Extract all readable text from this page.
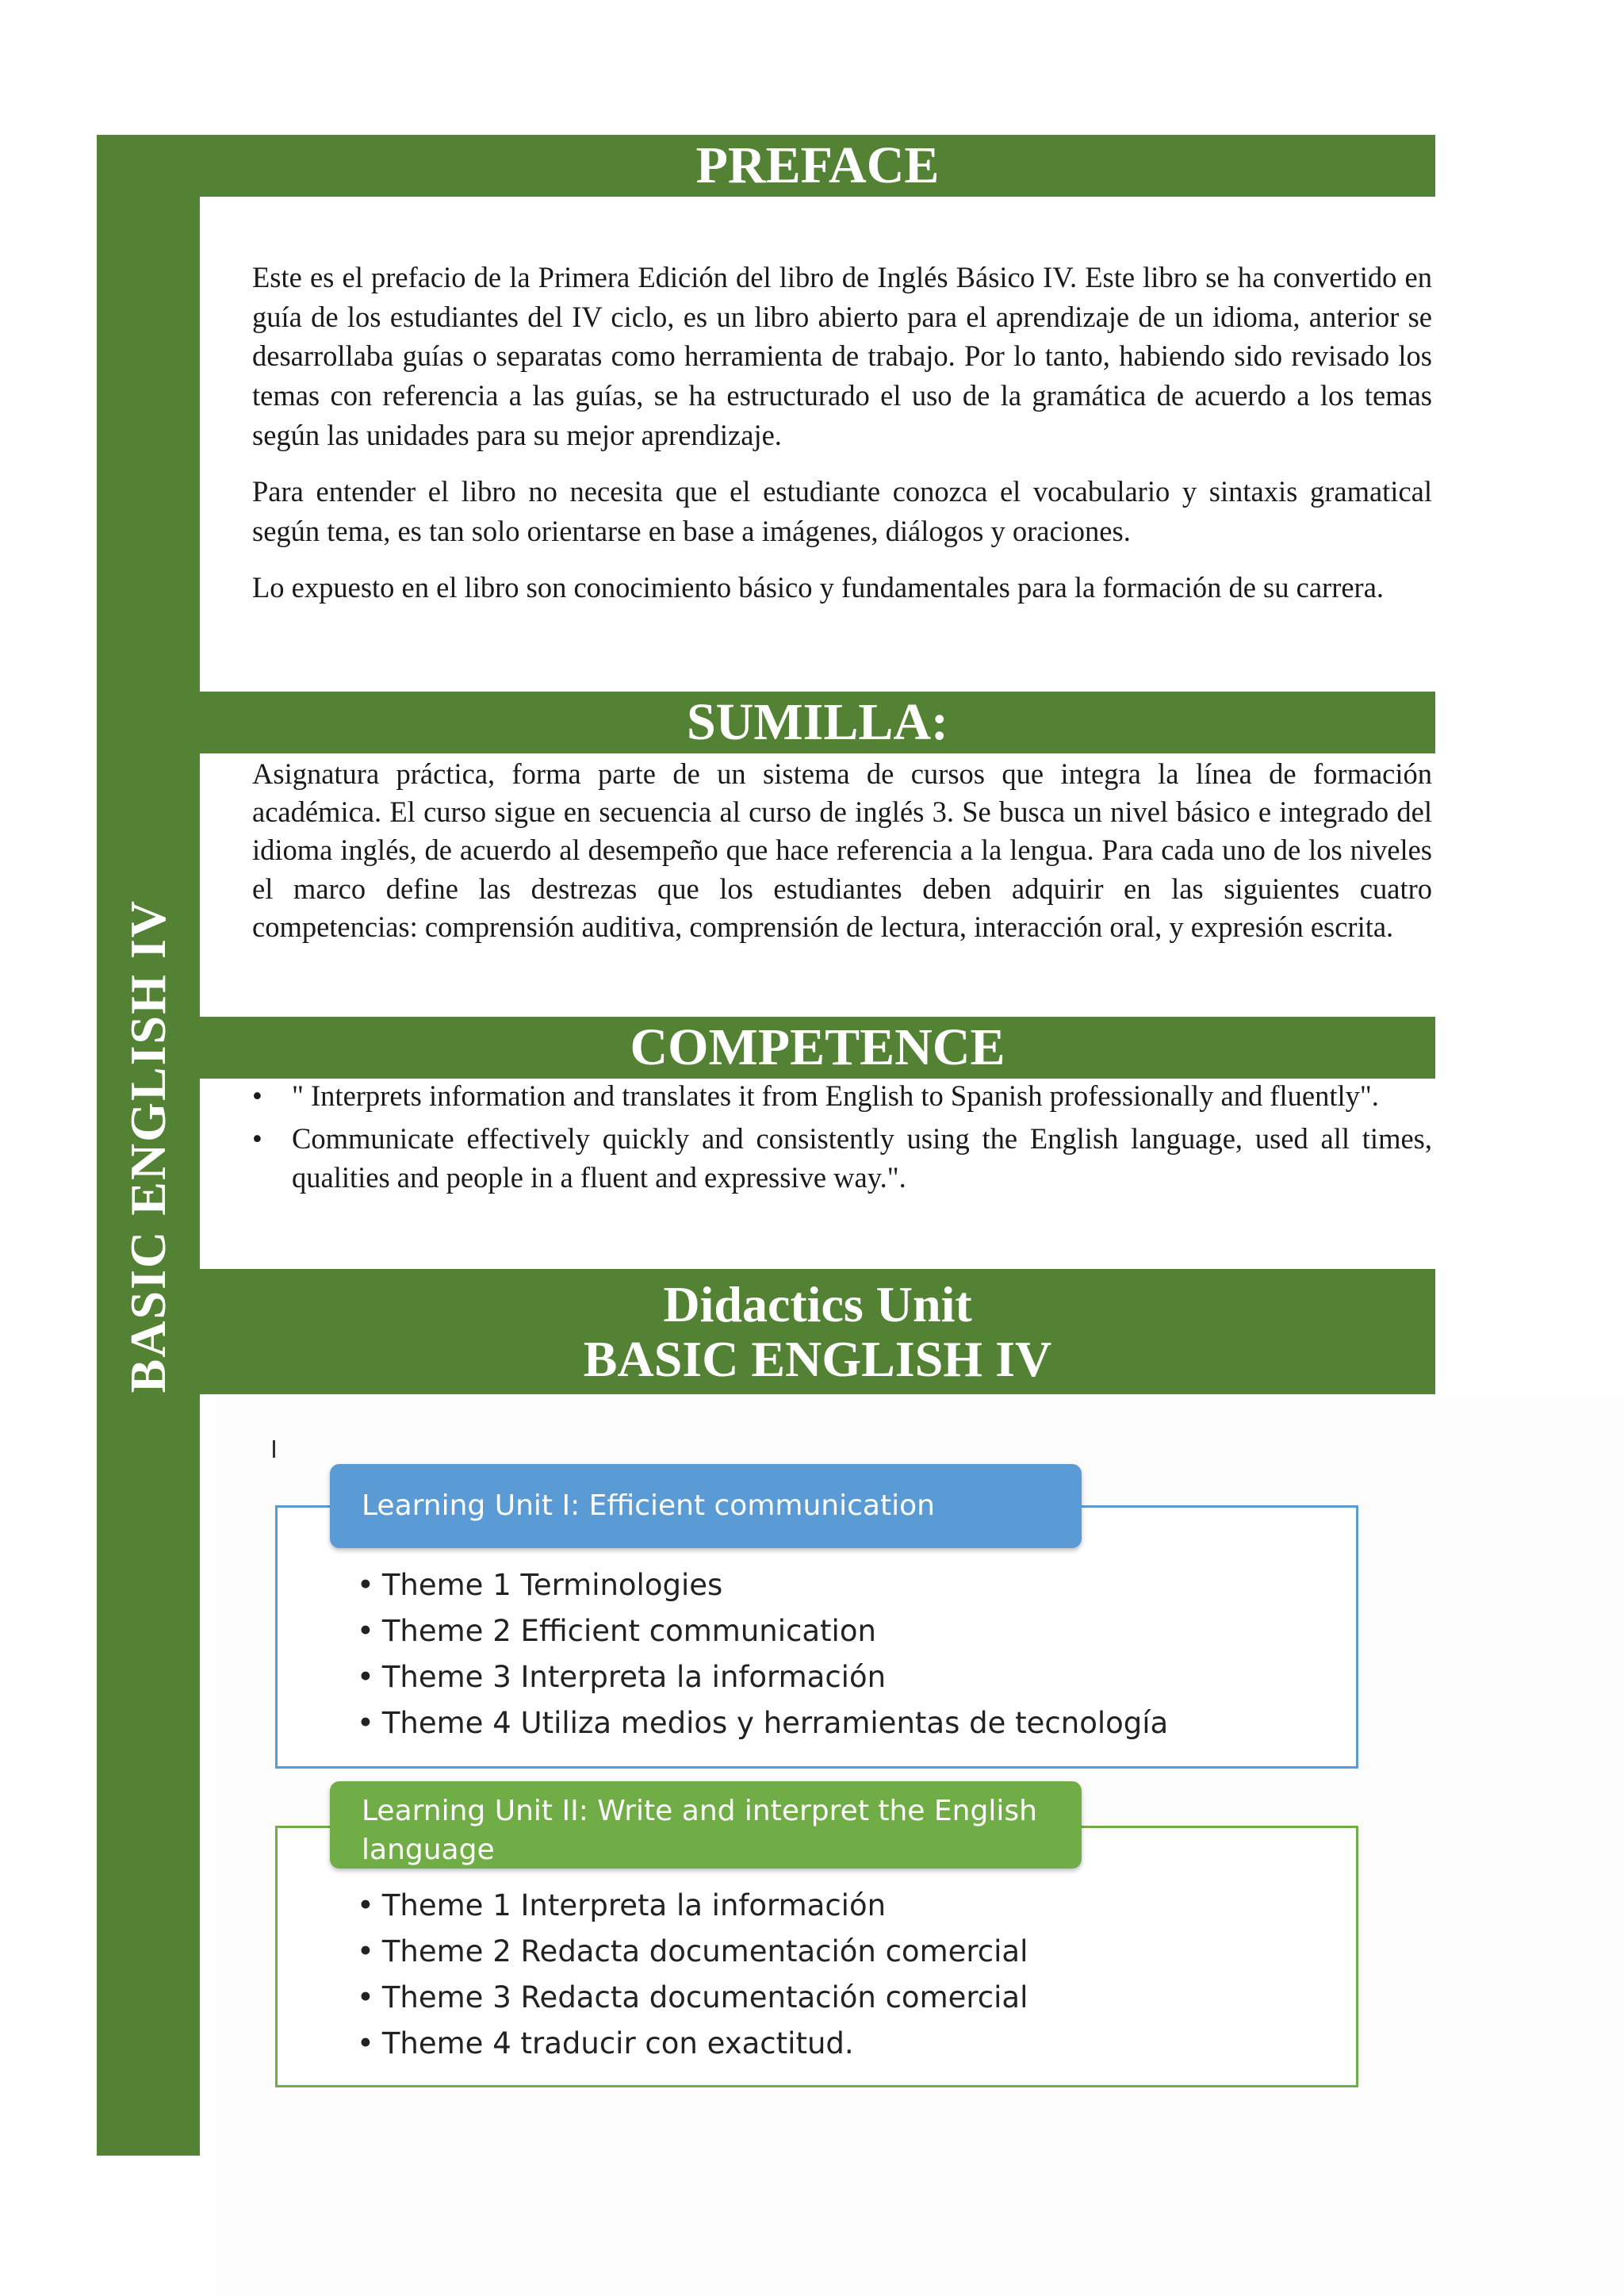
BASIC ENGLISH IV
PREFACE

Este es el prefacio de la Primera Edición del libro de Inglés Básico IV. Este libro se ha convertido en guía de los estudiantes del IV ciclo, es un libro abierto para el aprendizaje de un idioma, anterior se desarrollaba guías o separatas como herramienta de trabajo. Por lo tanto, habiendo sido revisado los temas con referencia a las guías, se ha estructurado el uso de la gramática de acuerdo a los temas según las unidades para su mejor aprendizaje.

Para entender el libro no necesita que el estudiante conozca el vocabulario y sintaxis gramatical según tema, es tan solo orientarse en base a imágenes, diálogos y oraciones.

Lo expuesto en el libro son conocimiento básico y fundamentales para la formación de su carrera.

SUMILLA:

Asignatura práctica, forma parte de un sistema de cursos que integra la línea de formación académica. El curso sigue en secuencia al curso de inglés 3. Se busca un nivel básico e integrado del idioma inglés, de acuerdo al desempeño que hace referencia a la lengua. Para cada uno de los niveles el marco define las destrezas que los estudiantes deben adquirir en las siguientes cuatro competencias: comprensión auditiva, comprensión de lectura, interacción oral, y expresión escrita.

COMPETENCE
• " Interprets information and translates it from English to Spanish professionally and fluently".
• Communicate effectively quickly and consistently using the English language, used all times, qualities and people in a fluent and expressive way.".
Didactics Unit
BASIC ENGLISH IV
Learning Unit I: Efficient communication
• Theme 1 Terminologies
• Theme 2 Efficient communication
• Theme 3 Interpreta la información
• Theme 4 Utiliza medios y herramientas de tecnología
Learning Unit II: Write and interpret the English language
• Theme 1 Interpreta la información
• Theme 2 Redacta documentación comercial
• Theme 3 Redacta documentación comercial
• Theme 4 traducir con exactitud.
